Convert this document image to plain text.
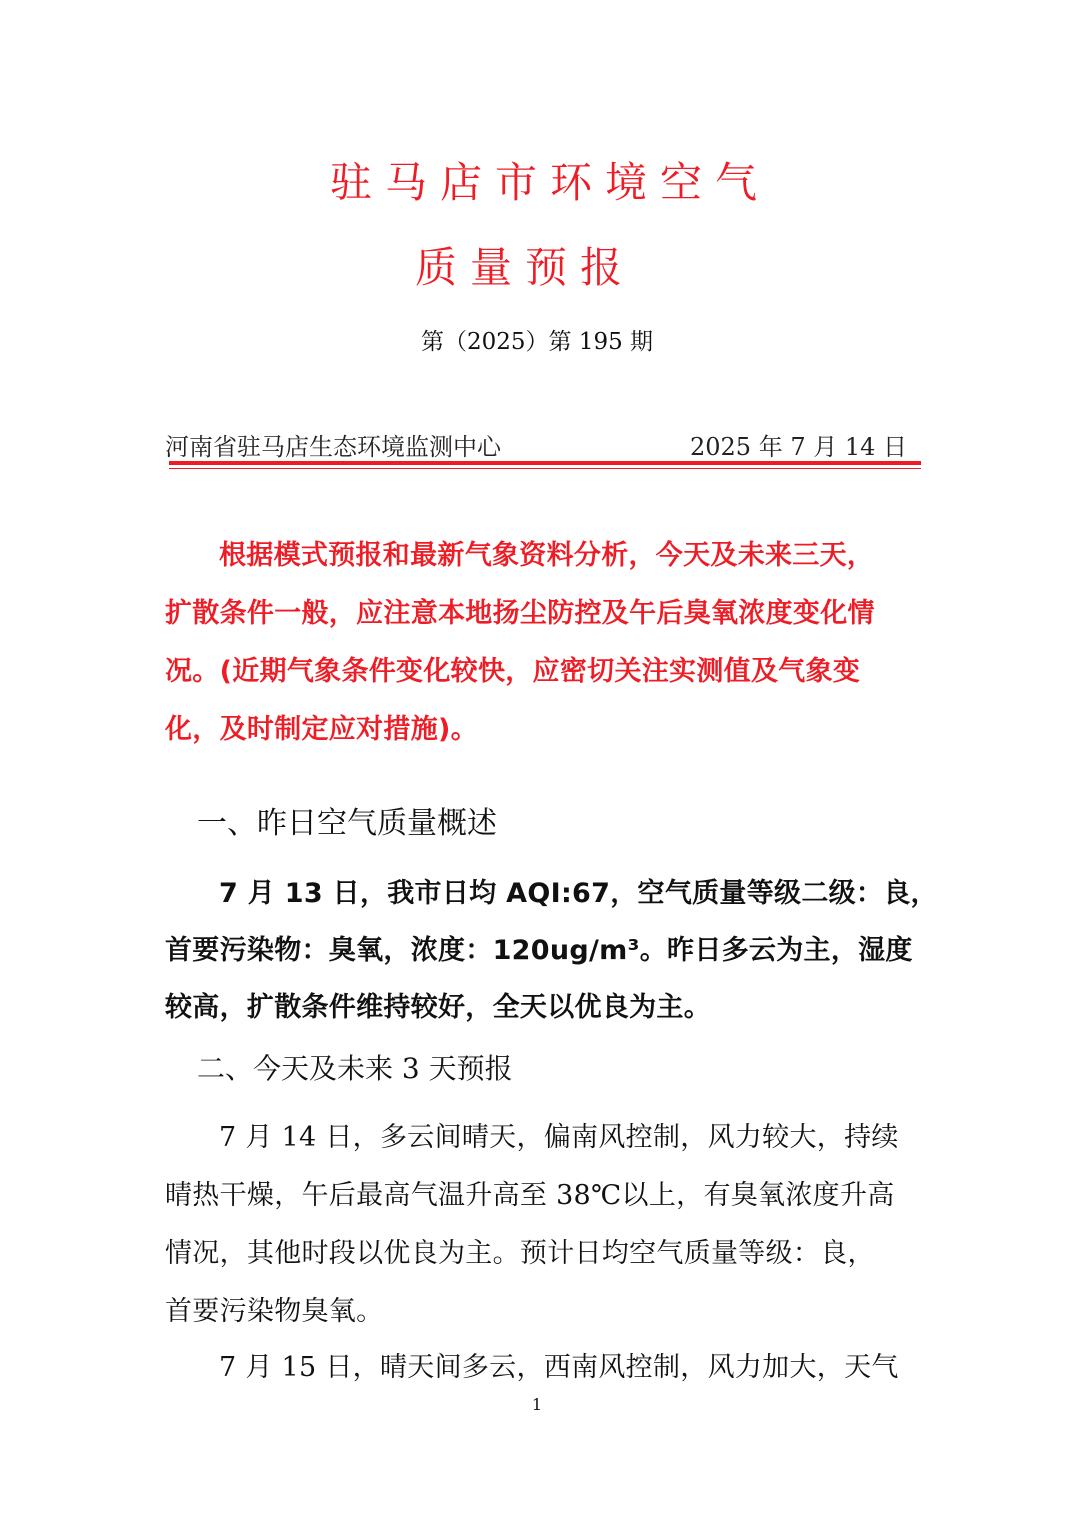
驻马店市环境空气
质量预报
第（2025）第 195 期
河南省驻马店生态环境监测中心	2025 年 7 月 14 日
根据模式预报和最新气象资料分析，今天及未来三天，
扩散条件一般，应注意本地扬尘防控及午后臭氧浓度变化情
况。(近期气象条件变化较快，应密切关注实测值及气象变
化，及时制定应对措施)。
一、昨日空气质量概述
7 月 13 日，我市日均 AQI:67，空气质量等级二级：良，
首要污染物：臭氧，浓度：120ug/m³。昨日多云为主，湿度
较高，扩散条件维持较好，全天以优良为主。
二、今天及未来 3 天预报
7 月 14 日，多云间晴天，偏南风控制，风力较大，持续
晴热干燥，午后最高气温升高至 38℃以上，有臭氧浓度升高
情况，其他时段以优良为主。预计日均空气质量等级：良，
首要污染物臭氧。
7 月 15 日，晴天间多云，西南风控制，风力加大，天气
1
